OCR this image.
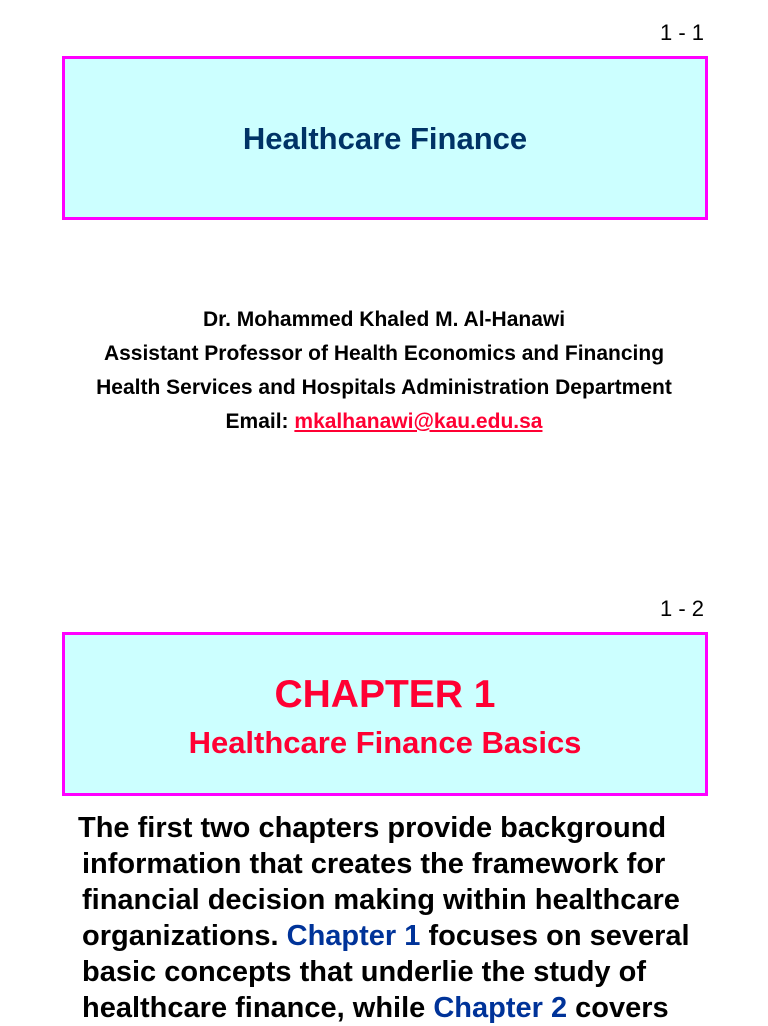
1 - 1
Healthcare Finance
Dr. Mohammed Khaled M. Al-Hanawi
Assistant Professor of Health Economics and Financing
Health Services and Hospitals Administration Department
Email: mkalhanawi@kau.edu.sa
1 - 2
CHAPTER 1
Healthcare Finance Basics
The first two chapters provide background
information that creates the framework for
financial decision making within healthcare
organizations. Chapter 1 focuses on several
basic concepts that underlie the study of
healthcare finance, while Chapter 2 covers
